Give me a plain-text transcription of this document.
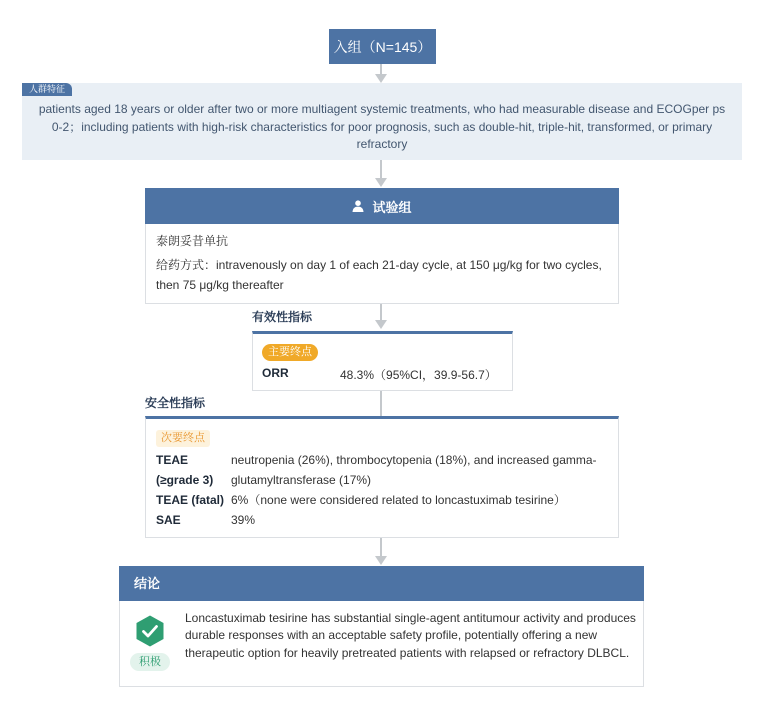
入组（N=145）
人群特征
patients aged 18 years or older after two or more multiagent systemic treatments, who had measurable disease and ECOGper ps 0-2；including patients with high-risk characteristics for poor prognosis, such as double-hit, triple-hit, transformed, or primary refractory
试验组
泰朗妥昔单抗
给药方式：intravenously on day 1 of each 21-day cycle, at 150 μg/kg for two cycles, then 75 μg/kg thereafter
有效性指标
主要终点
ORR	48.3%（95%CI，39.9-56.7）
安全性指标
次要终点
TEAE (≥grade 3)
neutropenia (26%), thrombocytopenia (18%), and increased gamma-glutamyltransferase (17%)
TEAE (fatal) 6%（none were considered related to loncastuximab tesirine）
SAE	39%
结论
积极
Loncastuximab tesirine has substantial single-agent antitumour activity and produces durable responses with an acceptable safety profile, potentially offering a new therapeutic option for heavily pretreated patients with relapsed or refractory DLBCL.
